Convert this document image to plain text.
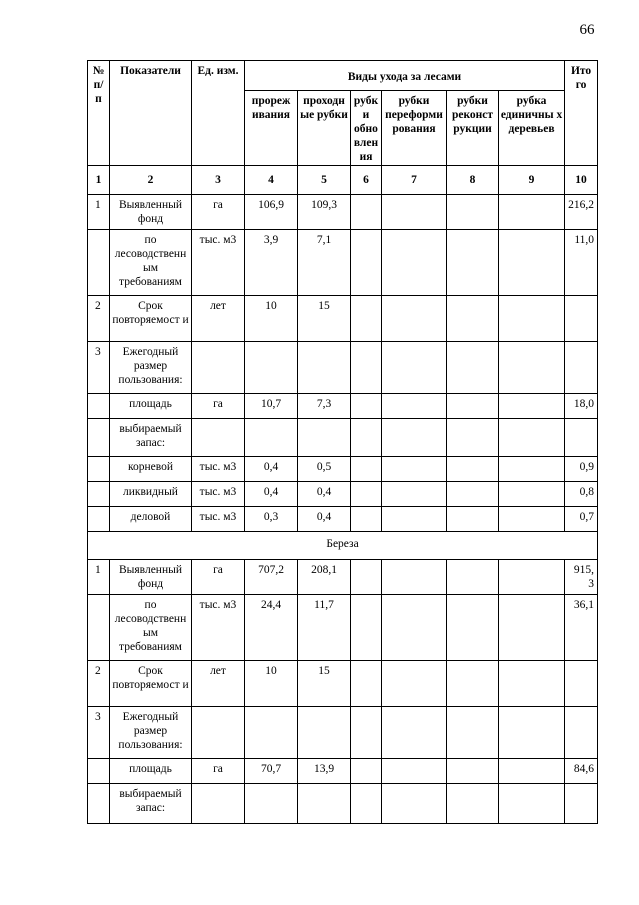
66
№ п/ п	Показатели	Ед. изм.	Виды ухода за лесами						Ито го
			прореж ивания	проходн ые рубки	рубк и обно влен ия	рубки переформи рования	рубки реконст рукции	рубка единичны х деревьев	
1	2	3	4	5	6	7	8	9	10
1	Выявленный фонд	га	106,9	109,3					216,2

	по лесоводственн ым требованиям	тыс. м3	3,9	7,1					11,0

2	Срок повторяемост и	лет	10	15					

3	Ежегодный размер пользования:								

	площадь	га	10,7	7,3					18,0

	выбираемый запас:								

	корневой	тыс. м3	0,4	0,5					0,9

	ликвидный	тыс. м3	0,4	0,4					0,8

	деловой	тыс. м3	0,3	0,4					0,7

Береза									
1	Выявленный фонд	га	707,2	208,1					915, 3

	по лесоводственн ым требованиям	тыс. м3	24,4	11,7					36,1

2	Срок повторяемост и	лет	10	15					

3	Ежегодный размер пользования:								

	площадь	га	70,7	13,9					84,6

	выбираемый запас:								
